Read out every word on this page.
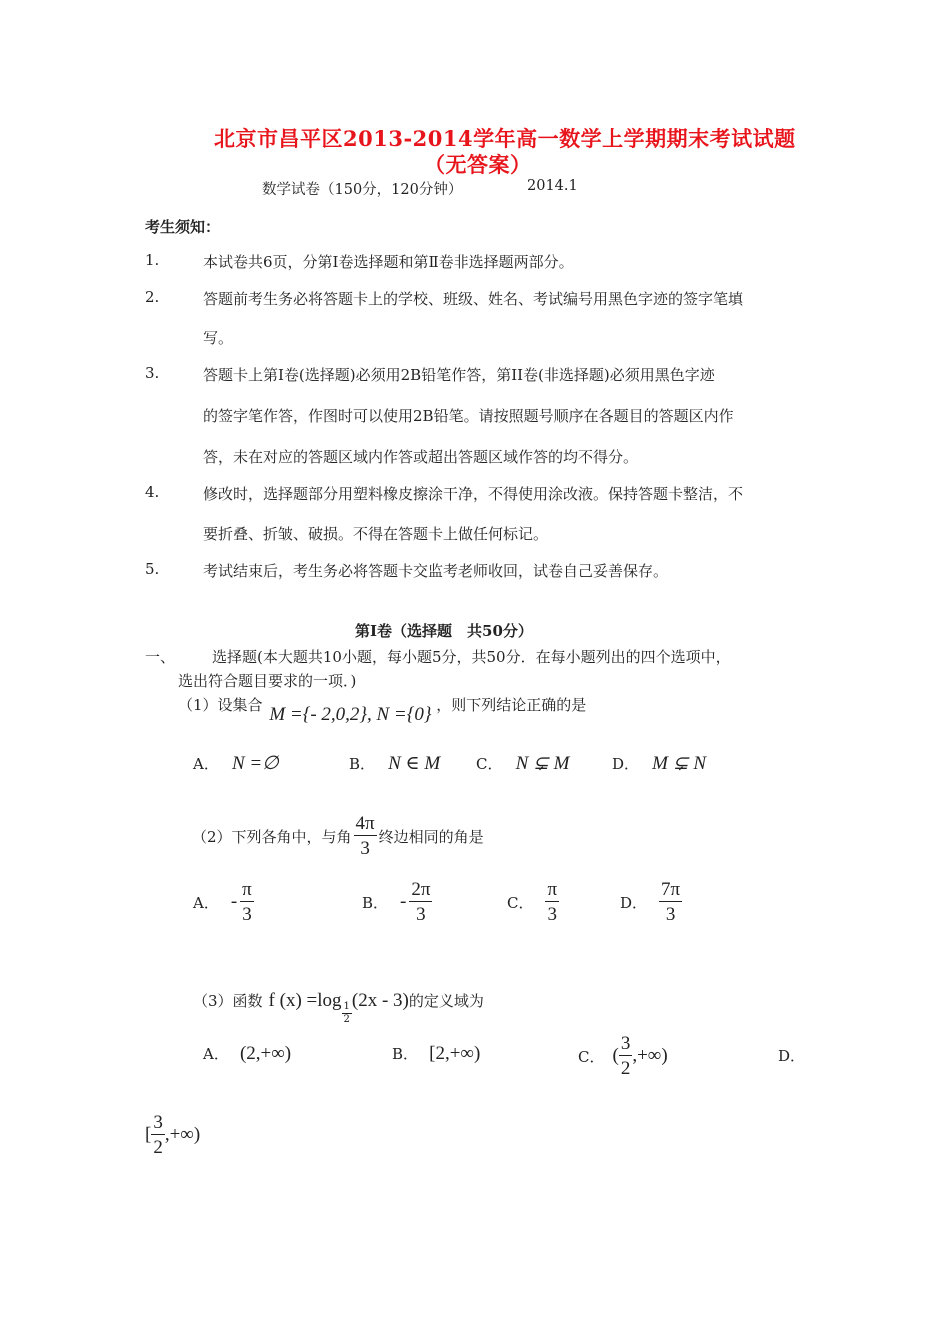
北京市昌平区2013-2014学年高一数学上学期期末考试试题
（无答案）
数学试卷（150分，120分钟）	2014.1
考生须知：
1.	本试卷共6页，分第Ⅰ卷选择题和第Ⅱ卷非选择题两部分。
2.	答题前考生务必将答题卡上的学校、班级、姓名、考试编号用黑色字迹的签字笔填
写。
3.	答题卡上第I卷(选择题)必须用2B铅笔作答，第II卷(非选择题)必须用黑色字迹
的签字笔作答，作图时可以使用2B铅笔。请按照题号顺序在各题目的答题区内作
答，未在对应的答题区域内作答或超出答题区域作答的均不得分。
4.	修改时，选择题部分用塑料橡皮擦涂干净，不得使用涂改液。保持答题卡整洁，不
要折叠、折皱、破损。不得在答题卡上做任何标记。
5.	考试结束后，考生务必将答题卡交监考老师收回，试卷自己妥善保存。
第Ⅰ卷（选择题　共50分）
一、 选择题(本大题共10小题，每小题5分，共50分．在每小题列出的四个选项中，
选出符合题目要求的一项．)
（1）设集合 M ={- 2,0,2}, N ={0} ，则下列结论正确的是
A． N =∅	B． N ∈ M C． N ⊊ M	D． M ⊊ N
（2）下列各角中，与角 $\frac{4\pi}{3}$ 终边相同的角是
A． - $\frac{\pi}{3}$	B． - $\frac{2\pi}{3}$	C． $\frac{\pi}{3}$	D． $\frac{7\pi}{3}$
（3）函数 f (x) =log
$\frac{1}{2}$
(2x - 3) 的定义域为
A． (2,+∞)	B． [2,+∞)	C． ( $\frac{3}{2}$ ,+∞)	D．
[ $\frac{3}{2}$ ,+∞)
